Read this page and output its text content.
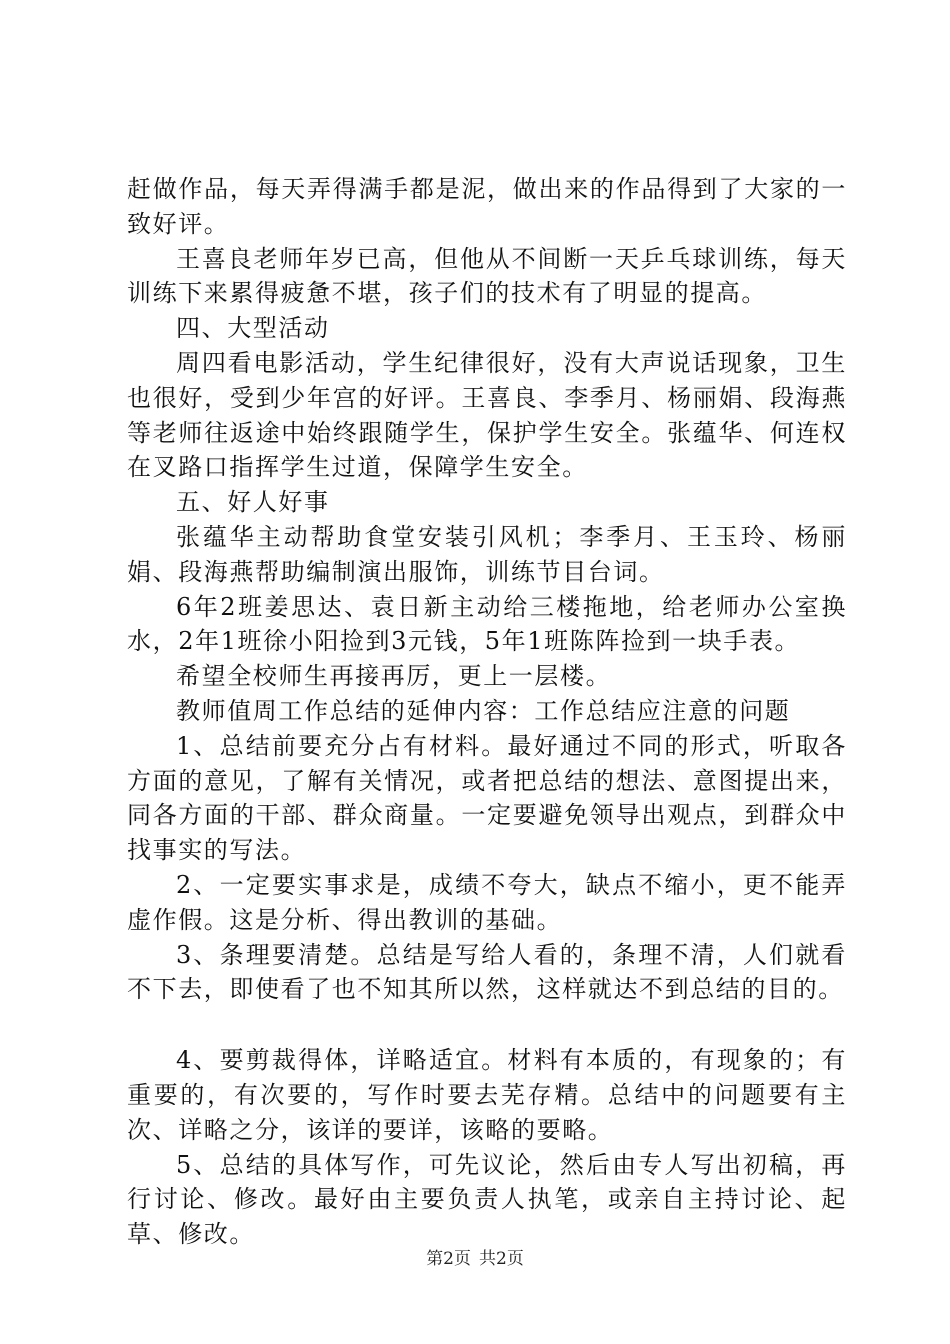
赶做作品，每天弄得满手都是泥，做出来的作品得到了大家的一致好评。

王喜良老师年岁已高，但他从不间断一天乒乓球训练，每天训练下来累得疲惫不堪，孩子们的技术有了明显的提高。

四、大型活动

周四看电影活动，学生纪律很好，没有大声说话现象，卫生也很好，受到少年宫的好评。王喜良、李季月、杨丽娟、段海燕等老师往返途中始终跟随学生，保护学生安全。张蕴华、何连权在叉路口指挥学生过道，保障学生安全。

五、好人好事

张蕴华主动帮助食堂安装引风机；李季月、王玉玲、杨丽娟、段海燕帮助编制演出服饰，训练节目台词。

6年2班姜思达、袁日新主动给三楼拖地，给老师办公室换水，2年1班徐小阳捡到3元钱，5年1班陈阵捡到一块手表。

希望全校师生再接再厉，更上一层楼。

教师值周工作总结的延伸内容：工作总结应注意的问题

1、总结前要充分占有材料。最好通过不同的形式，听取各方面的意见，了解有关情况，或者把总结的想法、意图提出来，同各方面的干部、群众商量。一定要避免领导出观点，到群众中找事实的写法。

2、一定要实事求是，成绩不夸大，缺点不缩小，更不能弄虚作假。这是分析、得出教训的基础。

3、条理要清楚。总结是写给人看的，条理不清，人们就看不下去，即使看了也不知其所以然，这样就达不到总结的目的。

4、要剪裁得体，详略适宜。材料有本质的，有现象的；有重要的，有次要的，写作时要去芜存精。总结中的问题要有主次、详略之分，该详的要详，该略的要略。

5、总结的具体写作，可先议论，然后由专人写出初稿，再行讨论、修改。最好由主要负责人执笔，或亲自主持讨论、起草、修改。

第2页 共2页
